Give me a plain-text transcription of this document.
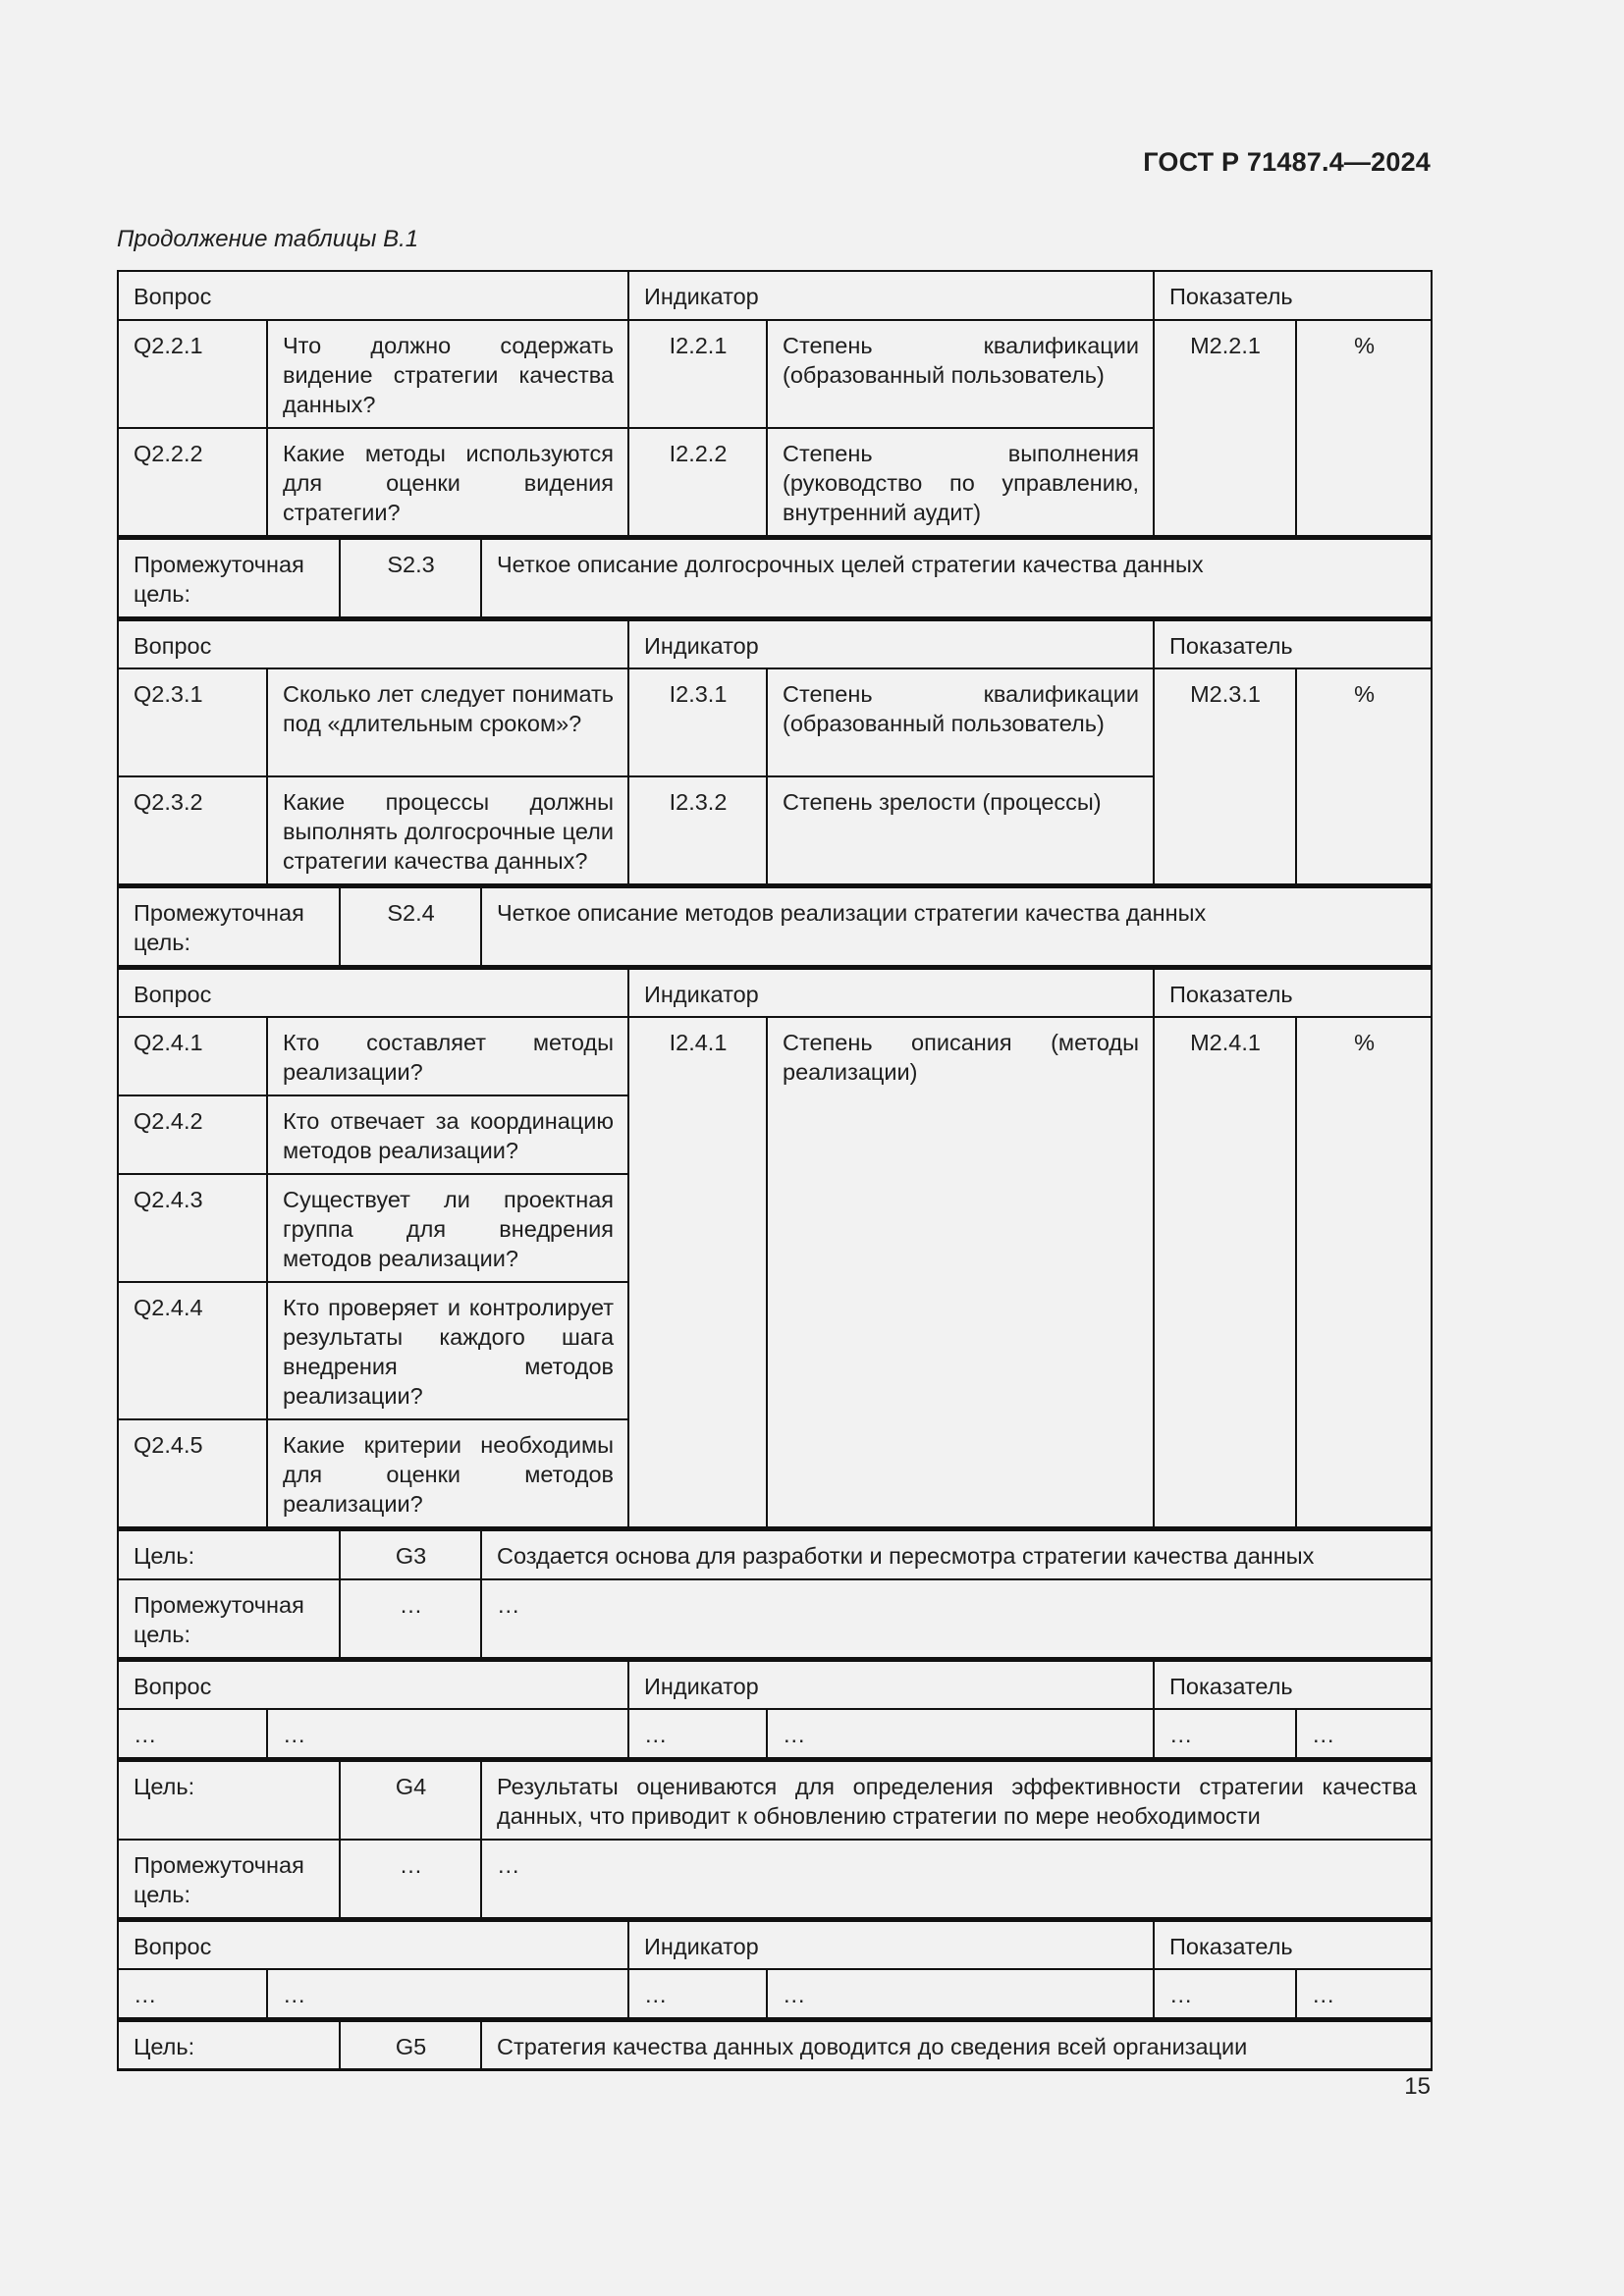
ГОСТ Р 71487.4—2024
Продолжение таблицы В.1
Вопрос		Индикатор		Показатель	
Q2.2.1	Что должно содержать видение стратегии качества данных?	I2.2.1	Степень квалификации (образованный пользователь)	M2.2.1	%
Q2.2.2	Какие методы используются для оценки видения стратегии?	I2.2.2	Степень выполнения (руководство по управлению, внутренний аудит)		
Промежуточная цель:	S2.3	Четкое описание долгосрочных целей стратегии качества данных
Вопрос		Индикатор		Показатель	
Q2.3.1	Сколько лет следует понимать под «длительным сроком»?	I2.3.1	Степень квалификации (образованный пользователь)	M2.3.1	%
Q2.3.2	Какие процессы должны выполнять долгосрочные цели стратегии качества данных?	I2.3.2	Степень зрелости (процессы)		
Промежуточная цель:	S2.4	Четкое описание методов реализации стратегии качества данных
Вопрос		Индикатор		Показатель	
Q2.4.1	Кто составляет методы реализации?	I2.4.1	Степень описания (методы реализации)	M2.4.1	%
Q2.4.2	Кто отвечает за координацию методов реализации?				
Q2.4.3	Существует ли проектная группа для внедрения методов реализации?				
Q2.4.4	Кто проверяет и контролирует результаты каждого шага внедрения методов реализации?				
Q2.4.5	Какие критерии необходимы для оценки методов реализации?				
Цель:	G3	Создается основа для разработки и пересмотра стратегии качества данных
Промежуточная цель:	…	…
Вопрос		Индикатор		Показатель	
…	…	…	…	…	…
Цель:	G4	Результаты оцениваются для определения эффективности стратегии качества данных, что приводит к обновлению стратегии по мере необходимости
Промежуточная цель:	…	…
Вопрос		Индикатор		Показатель	
…	…	…	…	…	…
Цель:	G5	Стратегия качества данных доводится до сведения всей организации
15
